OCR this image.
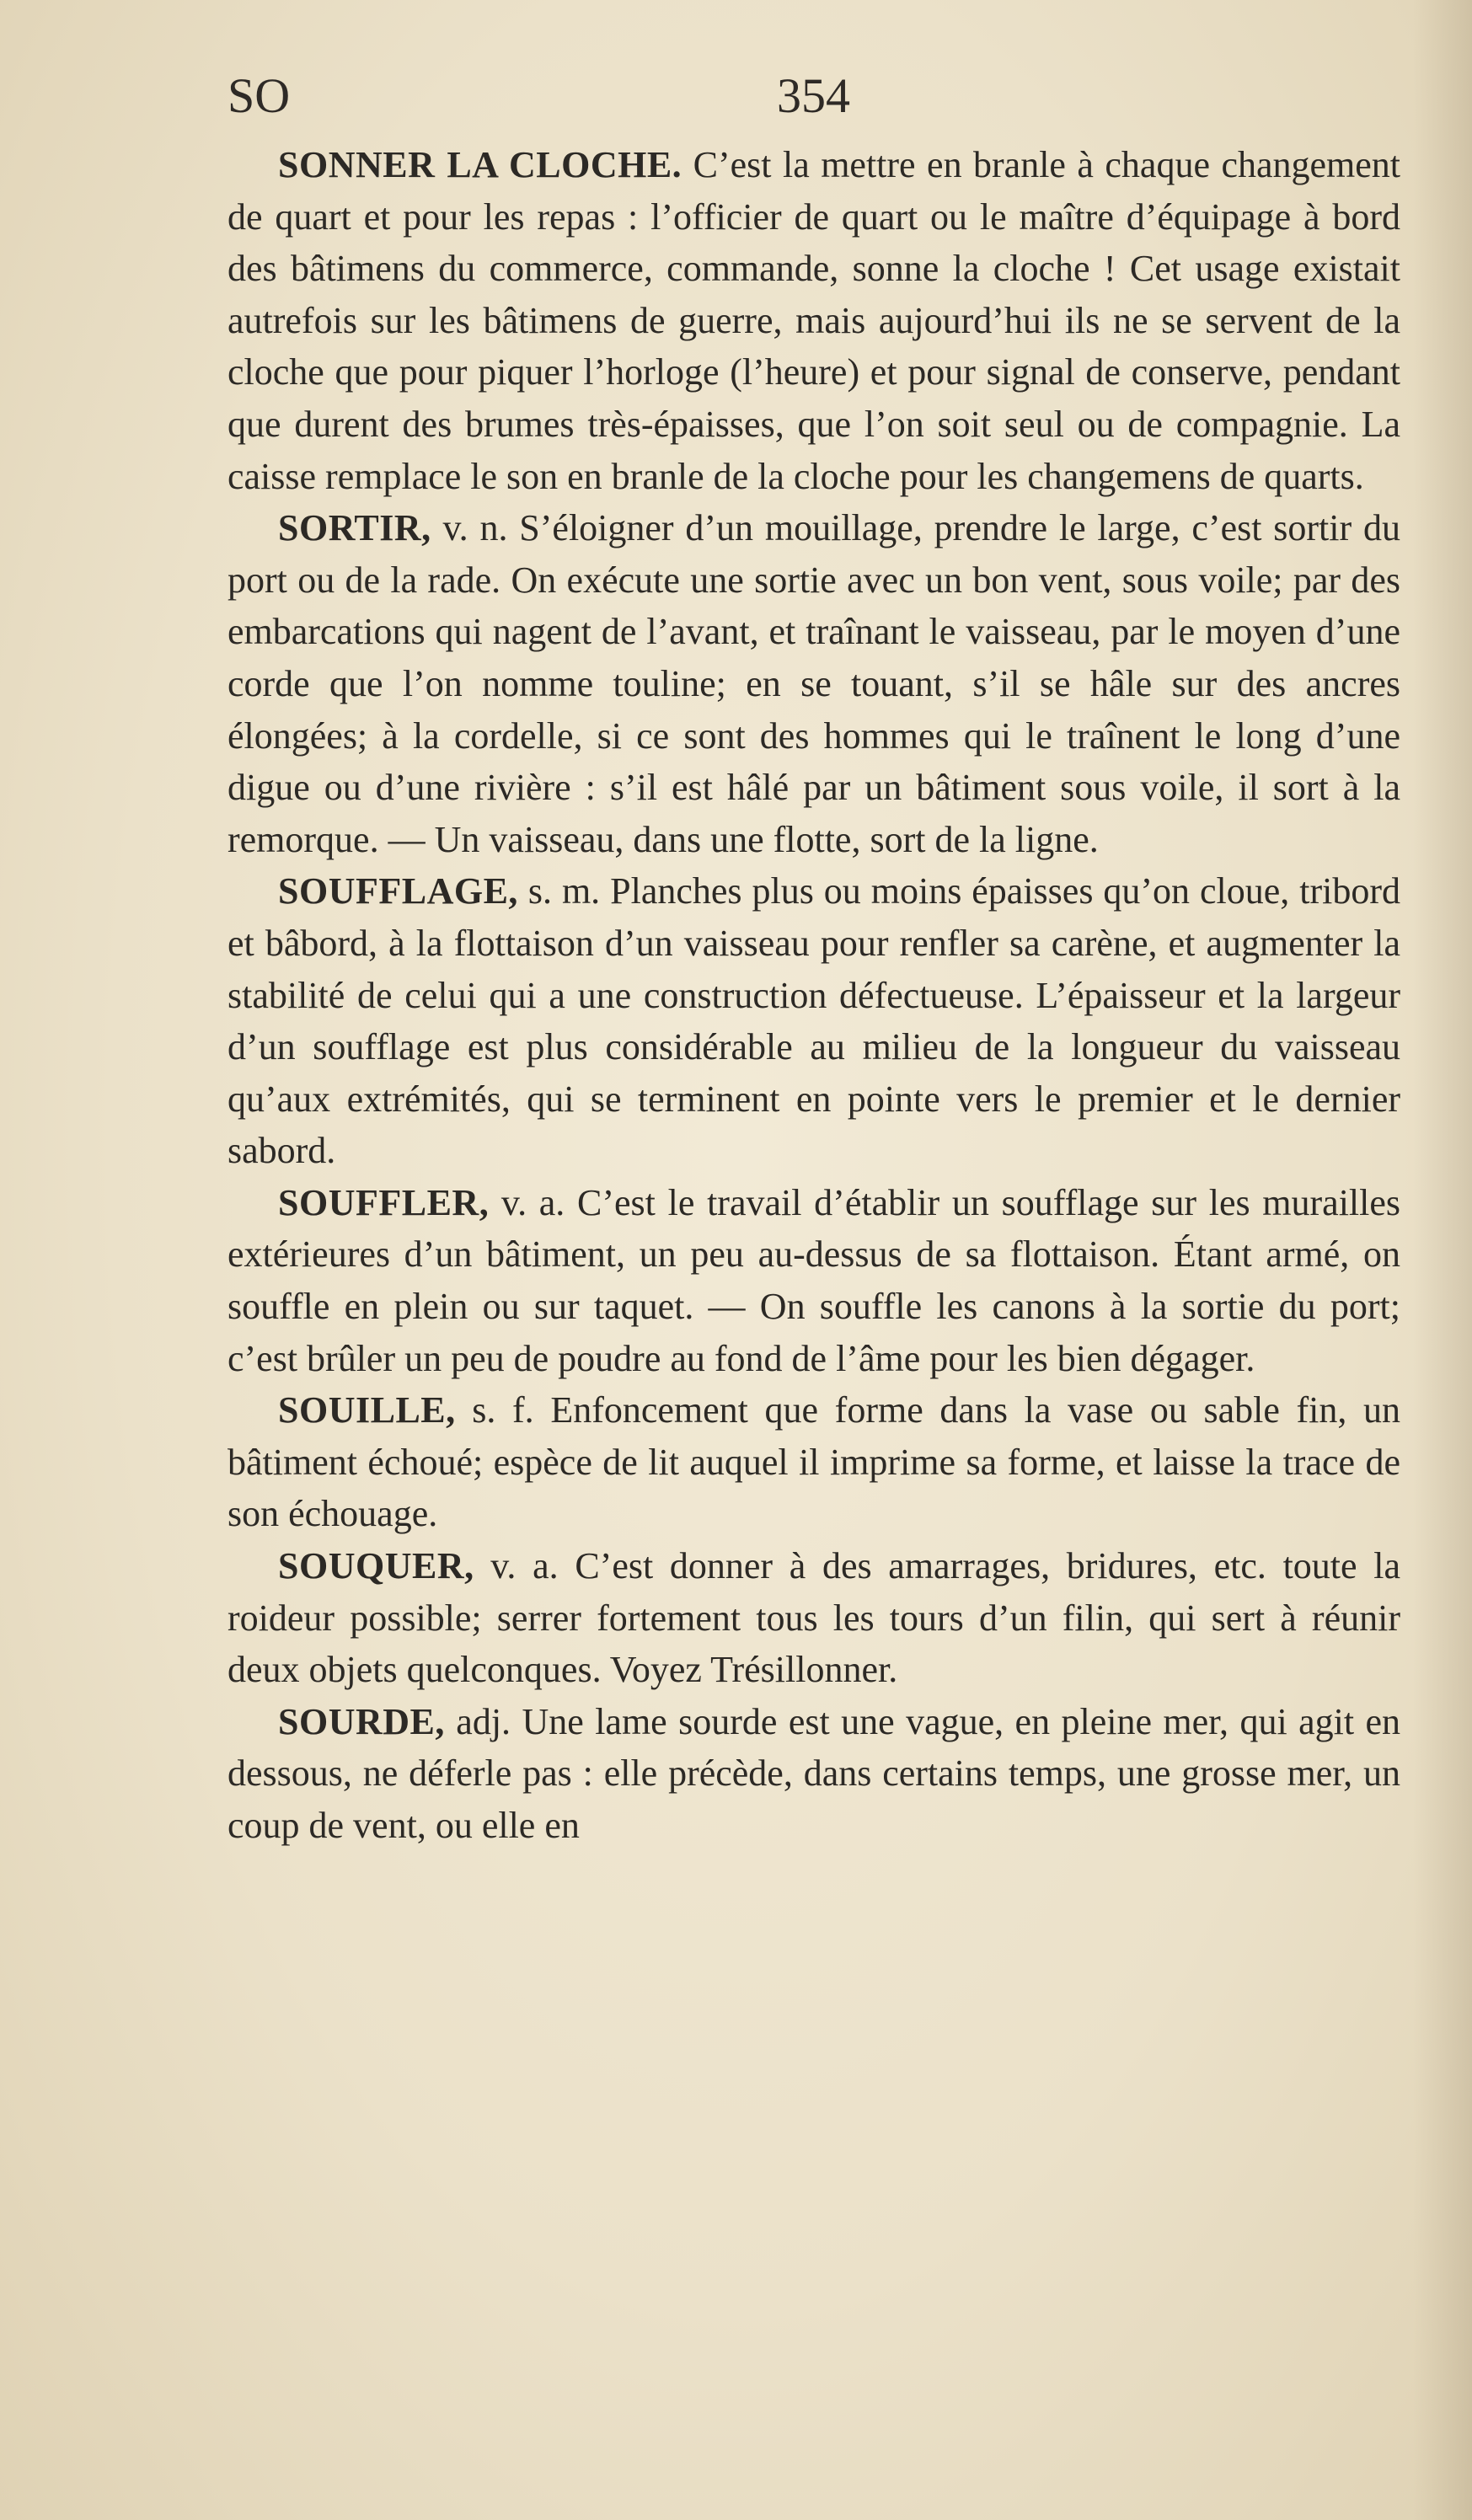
SO	354

SONNER LA CLOCHE. C’est la mettre en branle à chaque changement de quart et pour les repas : l’officier de quart ou le maître d’équipage à bord des bâtimens du commerce, commande, sonne la cloche ! Cet usage existait autrefois sur les bâtimens de guerre, mais aujourd’hui ils ne se servent de la cloche que pour piquer l’horloge (l’heure) et pour signal de conserve, pendant que durent des brumes très-épaisses, que l’on soit seul ou de compagnie. La caisse remplace le son en branle de la cloche pour les changemens de quarts.

SORTIR, v. n. S’éloigner d’un mouillage, prendre le large, c’est sortir du port ou de la rade. On exécute une sortie avec un bon vent, sous voile; par des embarcations qui nagent de l’avant, et traînant le vaisseau, par le moyen d’une corde que l’on nomme touline; en se touant, s’il se hâle sur des ancres élongées; à la cordelle, si ce sont des hommes qui le traînent le long d’une digue ou d’une rivière : s’il est hâlé par un bâtiment sous voile, il sort à la remorque. — Un vaisseau, dans une flotte, sort de la ligne.

SOUFFLAGE, s. m. Planches plus ou moins épaisses qu’on cloue, tribord et bâbord, à la flottaison d’un vaisseau pour renfler sa carène, et augmenter la stabilité de celui qui a une construction défectueuse. L’épaisseur et la largeur d’un soufflage est plus considérable au milieu de la longueur du vaisseau qu’aux extrémités, qui se terminent en pointe vers le premier et le dernier sabord.

SOUFFLER, v. a. C’est le travail d’établir un soufflage sur les murailles extérieures d’un bâtiment, un peu au-dessus de sa flottaison. Étant armé, on souffle en plein ou sur taquet. — On souffle les canons à la sortie du port; c’est brûler un peu de poudre au fond de l’âme pour les bien dégager.

SOUILLE, s. f. Enfoncement que forme dans la vase ou sable fin, un bâtiment échoué; espèce de lit auquel il imprime sa forme, et laisse la trace de son échouage.

SOUQUER, v. a. C’est donner à des amarrages, bridures, etc. toute la roideur possible; serrer fortement tous les tours d’un filin, qui sert à réunir deux objets quelconques. Voyez Trésillonner.

SOURDE, adj. Une lame sourde est une vague, en pleine mer, qui agit en dessous, ne déferle pas : elle précède, dans certains temps, une grosse mer, un coup de vent, ou elle en
